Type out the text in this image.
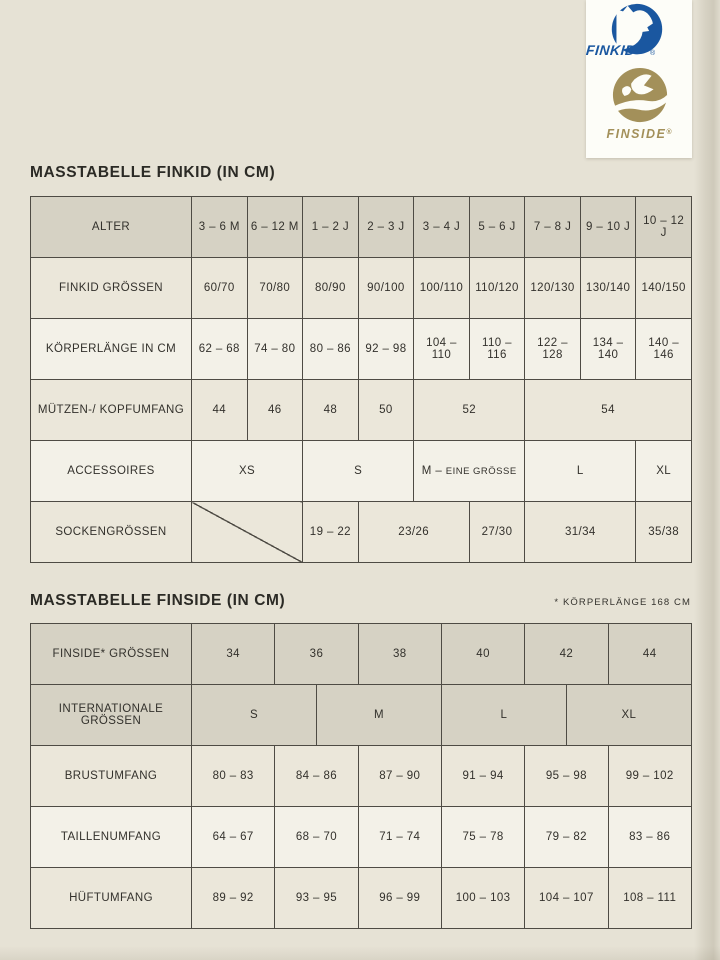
FINKID ®
FINSIDE®
MASSTABELLE FINKID (IN CM)
ALTER	3 – 6 M	6 – 12 M	1 – 2 J	2 – 3 J	3 – 4 J	5 – 6 J	7 – 8 J	9 – 10 J	10 – 12 J
FINKID GRÖSSEN	60/70	70/80	80/90	90/100	100/110	110/120	120/130	130/140	140/150
KÖRPERLÄNGE IN CM	62 – 68	74 – 80	80 – 86	92 – 98	104 – 110	110 – 116	122 – 128	134 – 140	140 – 146
MÜTZEN-/ KOPFUMFANG	44	46	48	50	52		54		
ACCESSOIRES	XS		S		M – EINE GRÖSSE		L		XL
SOCKENGRÖSSEN			19 – 22	23/26		27/30	31/34		35/38
MASSTABELLE FINSIDE (IN CM)	* KÖRPERLÄNGE 168 CM
FINSIDE* GRÖSSEN	34	36		38	40	42		44
INTERNATIONALE GRÖSSEN	S		M		L		XL	
BRUSTUMFANG	80 – 83	84 – 86		87 – 90	91 – 94	95 – 98		99 – 102
TAILLENUMFANG	64 – 67	68 – 70		71 – 74	75 – 78	79 – 82		83 – 86
HÜFTUMFANG	89 – 92	93 – 95		96 – 99	100 – 103	104 – 107		108 – 111
